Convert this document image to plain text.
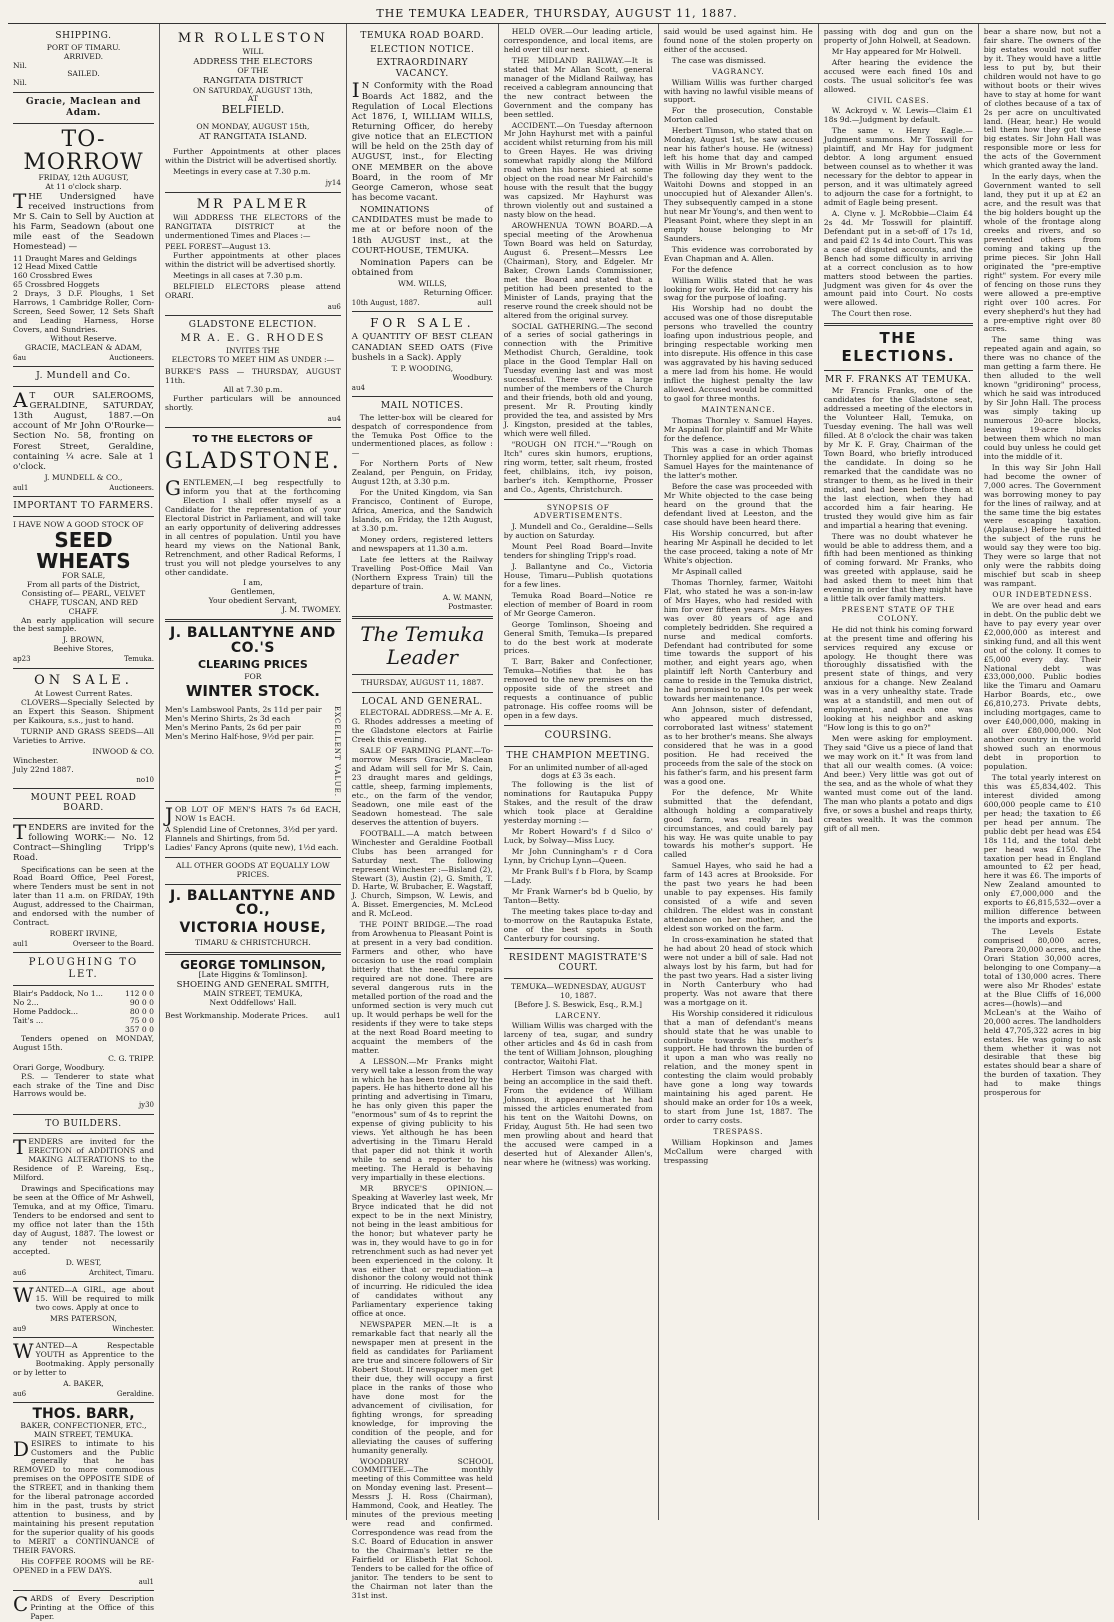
THE TEMUKA LEADER, THURSDAY, AUGUST 11, 1887.
SHIPPING.
PORT OF TIMARU.
ARRIVED.
Nil.
SAILED.
Nil.
Gracie, Maclean and Adam.
TO-MORROW
FRIDAY, 12th AUGUST,
At 11 o'clock sharp.

THE Undersigned have received instructions from Mr S. Cain to Sell by Auction at his Farm, Seadown (about one mile east of the Seadown Homestead) —

11 Draught Mares and Geldings
12 Head Mixed Cattle
160 Crossbred Ewes
65 Crossbred Hoggets
2 Drays, 3 D.F. Ploughs, 1 Set Harrows, 1 Cambridge Roller, Corn-Screen, Seed Sower, 12 Sets Shaft and Leading Harness, Horse Covers, and Sundries.
Without Reserve.
GRACIE, MACLEAN & ADAM,
6au	Auctioneers.
J. Mundell and Co.

AT OUR SALEROOMS, GERALDINE, SATURDAY, 13th August, 1887.—On account of Mr John O'Rourke—Section No. 58, fronting on Forest Street, Geraldine, containing ¼ acre. Sale at 1 o'clock.

J. MUNDELL & CO.,
aul1	Auctioneers.
IMPORTANT TO FARMERS.
I HAVE NOW A GOOD STOCK OF
SEED WHEATS
FOR SALE,
From all parts of the District, Consisting of— PEARL, VELVET CHAFF, TUSCAN, AND RED CHAFF.

An early application will secure the best sample.

J. BROWN,
Beehive Stores,
ap23	Temuka.
ON SALE.
At Lowest Current Rates.

CLOVERS—Specially Selected by an Expert this Season. Shipment per Kaikoura, s.s., just to hand.

TURNIP AND GRASS SEEDS—All Varieties to Arrive.

INWOOD & CO.
Winchester.
July 22nd 1887.
no10
MOUNT PEEL ROAD BOARD.

TENDERS are invited for the following WORK:— No. 12 Contract—Shingling Tripp's Road.

Specifications can be seen at the Road Board Office, Peel Forest, where Tenders must be sent in not later than 11 a.m. on FRIDAY, 19th August, addressed to the Chairman, and endorsed with the number of Contract.

ROBERT IRVINE,
aul1	Overseer to the Board.
PLOUGHING TO LET.
Blair's Paddock, No 1...	112 0 0
No 2...	90 0 0
Home Paddock...	80 0 0
Tait's ...	75 0 0
357 0 0

Tenders opened on MONDAY, August 15th.

C. G. TRIPP.
Orari Gorge, Woodbury.

P.S. — Tenderer to state what each strake of the Tine and Disc Harrows would be.

jy30
TO BUILDERS.

TENDERS are invited for the ERECTION of ADDITIONS and MAKING ALTERATIONS to the Residence of P. Wareing, Esq., Milford.

Drawings and Specifications may be seen at the Office of Mr Ashwell, Temuka, and at my Office, Timaru. Tenders to be endorsed and sent to my office not later than the 15th day of August, 1887. The lowest or any tender not necessarily accepted.

D. WEST,
au6	Architect, Timaru.

WANTED—A GIRL, age about 15. Will be required to milk two cows. Apply at once to

MRS PATERSON,
au9	Winchester.

WANTED—A Respectable YOUTH as Apprentice to the Bootmaking. Apply personally or by letter to

A. BAKER,
au6	Geraldine.
THOS. BARR,
BAKER, CONFECTIONER, ETC.,
MAIN STREET, TEMUKA.

DESIRES to intimate to his Customers and the Public generally that he has REMOVED to more commodious premises on the OPPOSITE SIDE of the STREET, and in thanking them for the liberal patronage accorded him in the past, trusts by strict attention to business, and by maintaining his present reputation for the superior quality of his goods to MERIT a CONTINUANCE of THEIR FAVORS.

His COFFEE ROOMS will be RE-OPENED in a FEW DAYS.

aul1

CARDS of Every Description Printing at the Office of this Paper.

MR ROLLESTON
WILL
ADDRESS THE ELECTORS
OF THE
RANGITATA DISTRICT
ON SATURDAY, AUGUST 13th,
AT
BELFIELD.
ON MONDAY, AUGUST 15th,
AT RANGITATA ISLAND.

Further Appointments at other places within the District will be advertised shortly.

Meetings in every case at 7.30 p.m.

jy14
MR PALMER

Will ADDRESS THE ELECTORS of the RANGITATA DISTRICT at the undermentioned Times and Places :—

PEEL FOREST—August 13.

Further appointments at other places within the district will be advertised shortly.

Meetings in all cases at 7.30 p.m.

BELFIELD ELECTORS please attend ORARI.

au6
GLADSTONE ELECTION.
MR A. E. G. RHODES
INVITES THE
ELECTORS TO MEET HIM AS UNDER :—
BURKE'S PASS — THURSDAY, AUGUST 11th.
All at 7.30 p.m.

Further particulars will be announced shortly.

au4
TO THE ELECTORS OF
GLADSTONE.

GENTLEMEN,—I beg respectfully to inform you that at the forthcoming Election I shall offer myself as a Candidate for the representation of your Electoral District in Parliament, and will take an early opportunity of delivering addresses in all centres of population. Until you have heard my views on the National Bank, Retrenchment, and other Radical Reforms, I trust you will not pledge yourselves to any other candidate.

I am,
Gentlemen,
Your obedient Servant,
J. M. TWOMEY.
J. BALLANTYNE AND CO.'S
CLEARING PRICES
FOR
WINTER STOCK.
Men's Lambswool Pants, 2s 11d per pair
Men's Merino Shirts, 2s 3d each
Men's Merino Pants, 2s 6d per pair
Men's Merino Half-hose, 9½d per pair.	EXCELLENT VALUE.

JOB LOT OF MEN'S HATS 7s 6d EACH, NOW 1s EACH.

A Splendid Line of Cretonnes, 3½d per yard.
Flannels and Shirtings, from 5d.
Ladies' Fancy Aprons (quite new), 1½d each.
ALL OTHER GOODS AT EQUALLY LOW PRICES.
J. BALLANTYNE AND CO.,
VICTORIA HOUSE,
TIMARU & CHRISTCHURCH.
GEORGE TOMLINSON,
[Late Higgins & Tomlinson].
SHOEING AND GENERAL SMITH,
MAIN STREET, TEMUKA,
Next Oddfellows' Hall.
Best Workmanship. Moderate Prices. aul1
TEMUKA ROAD BOARD.
ELECTION NOTICE.
EXTRAORDINARY VACANCY.

IN Conformity with the Road Boards Act 1882, and the Regulation of Local Elections Act 1876, I, WILLIAM WILLS, Returning Officer, do hereby give notice that an ELECTION will be held on the 25th day of AUGUST, inst., for Electing ONE MEMBER on the above Board, in the room of Mr George Cameron, whose seat has become vacant.

NOMINATIONS of CANDIDATES must be made to me at or before noon of the 18th AUGUST inst., at the COURT-HOUSE, TEMUKA.

Nomination Papers can be obtained from

WM. WILLS,
Returning Officer.
10th August, 1887.	aul1
FOR SALE.

A QUANTITY OF BEST CLEAN CANADIAN SEED OATS (Five bushels in a Sack). Apply

T. P. WOODING,
Woodbury.
au4
MAIL NOTICES.

The letter-box will be cleared for despatch of correspondence from the Temuka Post Office to the undermentioned places, as follow :—

For Northern Ports of New Zealand, per Penguin, on Friday, August 12th, at 3.30 p.m.

For the United Kingdom, via San Francisco, Continent of Europe, Africa, America, and the Sandwich Islands, on Friday, the 12th August, at 3.30 p.m.

Money orders, registered letters and newspapers at 11.30 a.m.

Late fee letters at the Railway Travelling Post-Office Mail Van (Northern Express Train) till the departure of train.

A. W. MANN,
Postmaster.
The Temuka Leader
THURSDAY, AUGUST 11, 1887.
LOCAL AND GENERAL.

ELECTORAL ADDRESS.—Mr A. E. G. Rhodes addresses a meeting of the Gladstone electors at Fairlie Creek this evening.

SALE OF FARMING PLANT.—To-morrow Messrs Gracie, Maclean and Adam will sell for Mr S. Cain, 23 draught mares and geldings, cattle, sheep, farming implements, etc., on the farm of the vendor, Seadown, one mile east of the Seadown homestead. The sale deserves the attention of buyers.

FOOTBALL.—A match between Winchester and Geraldine Football Clubs has been arranged for Saturday next. The following represent Winchester :—Bisland (2), Stewart (3), Austin (2), G. Smith, T. D. Harte, W. Brubacher, E. Wagstaff, J. Church, Simpson, W. Lewis, and A. Bisset. Emergencies, M. McLeod and R. McLeod.

THE POINT BRIDGE.—The road from Arowhenua to Pleasant Point is at present in a very bad condition. Farmers and other, who have occasion to use the road complain bitterly that the needful repairs required are not done. There are several dangerous ruts in the metalled portion of the road and the unformed section is very much cut up. It would perhaps be well for the residents if they were to take steps at the next Road Board meeting to acquaint the members of the matter.

A LESSON.—Mr Franks might very well take a lesson from the way in which he has been treated by the papers. He has hitherto done all his printing and advertising in Timaru, he has only given this paper the "enormous" sum of 4s to reprint the expense of giving publicity to his views. Yet although he has been advertising in the Timaru Herald that paper did not think it worth while to send a reporter to his meeting. The Herald is behaving very impartially in these elections.

MR BRYCE'S OPINION.—Speaking at Waverley last week, Mr Bryce indicated that he did not expect to be in the next Ministry, not being in the least ambitious for the honor; but whatever party he was in, they would have to go in for retrenchment such as had never yet been experienced in the colony. It was either that or repudiation—a dishonor the colony would not think of incurring. He ridiculed the idea of candidates without any Parliamentary experience taking office at once.

NEWSPAPER MEN.—It is a remarkable fact that nearly all the newspaper men at present in the field as candidates for Parliament are true and sincere followers of Sir Robert Stout. If newspaper men get their due, they will occupy a first place in the ranks of those who have done most for the advancement of civilisation, for fighting wrongs, for spreading knowledge, for improving the condition of the people, and for alleviating the causes of suffering humanity generally.

WOODBURY SCHOOL COMMITTEE.—The monthly meeting of this Committee was held on Monday evening last. Present—Messrs J. H. Ross (Chairman), Hammond, Cook, and Heatley. The minutes of the previous meeting were read and confirmed. Correspondence was read from the S.C. Board of Education in answer to the Chairman's letter re the Fairfield or Elisbeth Flat School. Tenders to be called for the office of janitor. The tenders to be sent to the Chairman not later than the 31st inst.

HELD OVER.—Our leading article, correspondence, and local items, are held over till our next.

THE MIDLAND RAILWAY.—It is stated that Mr Allan Scott, general manager of the Midland Railway, has received a cablegram announcing that the new contract between the Government and the company has been settled.

ACCIDENT.—On Tuesday afternoon Mr John Hayhurst met with a painful accident whilst returning from his mill to Green Hayes. He was driving somewhat rapidly along the Milford road when his horse shied at some object on the road near Mr Fairchild's house with the result that the buggy was capsized. Mr Hayhurst was thrown violently out and sustained a nasty blow on the head.

AROWHENUA TOWN BOARD.—A special meeting of the Arowhenua Town Board was held on Saturday, August 6. Present—Messrs Lee (Chairman), Story, and Edgeler. Mr Baker, Crown Lands Commissioner, met the Board and stated that a petition had been presented to the Minister of Lands, praying that the reserve round the creek should not be altered from the original survey.

SOCIAL GATHERING.—The second of a series of social gatherings in connection with the Primitive Methodist Church, Geraldine, took place in the Good Templar Hall on Tuesday evening last and was most successful. There were a large number of the members of the Church and their friends, both old and young, present. Mr R. Prouting kindly provided the tea, and assisted by Mrs J. Kingston, presided at the tables, which were well filled.

"ROUGH ON ITCH."—"Rough on Itch" cures skin humors, eruptions, ring worm, tetter, salt rheum, frosted feet, chilblains, itch, ivy poison, barber's itch. Kempthorne, Prosser and Co., Agents, Christchurch.

SYNOPSIS OF ADVERTISEMENTS.

J. Mundell and Co., Geraldine—Sells by auction on Saturday.

Mount Peel Road Board—Invite tenders for shingling Tripp's road.

J. Ballantyne and Co., Victoria House, Timaru—Publish quotations for a few lines.

Temuka Road Board—Notice re election of member of Board in room of Mr George Cameron.

George Tomlinson, Shoeing and General Smith, Temuka—Is prepared to do the best work at moderate prices.

T. Barr, Baker and Confectioner, Temuka—Notifies that he has removed to the new premises on the opposite side of the street and requests a continuance of public patronage. His coffee rooms will be open in a few days.

COURSING.
THE CHAMPION MEETING.
For an unlimited number of all-aged dogs at £3 3s each.

The following is the list of nominations for Rautapuka Puppy Stakes, and the result of the draw which took place at Geraldine yesterday morning :—

Mr Robert Howard's f d Silco o' Luck, by Solway—Miss Lucy.

Mr John Cunningham's r d Cora Lynn, by Crichup Lynn—Queen.

Mr Frank Bull's f b Flora, by Scamp—Lady.

Mr Frank Warner's bd b Quelio, by Tanton—Betty.

The meeting takes place to-day and to-morrow on the Rautapuka Estate, one of the best spots in South Canterbury for coursing.

RESIDENT MAGISTRATE'S COURT.
TEMUKA—WEDNESDAY, AUGUST 10, 1887.
[Before J. S. Beswick, Esq., R.M.]
LARCENY.

William Willis was charged with the larceny of tea, sugar, and sundry other articles and 4s 6d in cash from the tent of William Johnson, ploughing contractor, Waitohi Flat.

Herbert Timson was charged with being an accomplice in the said theft. From the evidence of William Johnson, it appeared that he had missed the articles enumerated from his tent on the Waitohi Downs, on Friday, August 5th. He had seen two men prowling about and heard that the accused were camped in a deserted hut of Alexander Allen's, near where he (witness) was working.

said would be used against him. He found none of the stolen property on either of the accused.

The case was dismissed.

VAGRANCY.

William Willis was further charged with having no lawful visible means of support.

For the prosecution, Constable Morton called

Herbert Timson, who stated that on Monday, August 1st, he saw accused near his father's house. He (witness) left his home that day and camped with Willis in Mr Brown's paddock. The following day they went to the Waitohi Downs and stopped in an unoccupied hut of Alexander Allen's. They subsequently camped in a stone hut near Mr Young's, and then went to Pleasant Point, where they slept in an empty house belonging to Mr Saunders.

This evidence was corroborated by Evan Chapman and A. Allen.

For the defence

William Willis stated that he was looking for work. He did not carry his swag for the purpose of loafing.

His Worship had no doubt the accused was one of those disreputable persons who travelled the country loafing upon industrious people, and bringing respectable working men into disrepute. His offence in this case was aggravated by his having seduced a mere lad from his home. He would inflict the highest penalty the law allowed. Accused would be committed to gaol for three months.

MAINTENANCE.

Thomas Thornley v. Samuel Hayes. Mr Aspinall for plaintiff and Mr White for the defence.

This was a case in which Thomas Thornley applied for an order against Samuel Hayes for the maintenance of the latter's mother.

Before the case was proceeded with Mr White objected to the case being heard on the ground that the defendant lived at Leeston, and the case should have been heard there.

His Worship concurred, but after hearing Mr Aspinall he decided to let the case proceed, taking a note of Mr White's objection.

Mr Aspinall called

Thomas Thornley, farmer, Waitohi Flat, who stated he was a son-in-law of Mrs Hayes, who had resided with him for over fifteen years. Mrs Hayes was over 80 years of age and completely bedridden. She required a nurse and medical comforts. Defendant had contributed for some time towards the support of his mother, and eight years ago, when plaintiff left North Canterbury and came to reside in the Temuka district, he had promised to pay 10s per week towards her maintenance.

Ann Johnson, sister of defendant, who appeared much distressed, corroborated last witness' statement as to her brother's means. She always considered that he was in a good position. He had received the proceeds from the sale of the stock on his father's farm, and his present farm was a good one.

For the defence, Mr White submitted that the defendant, although holding a comparatively good farm, was really in bad circumstances, and could barely pay his way. He was quite unable to pay towards his mother's support. He called

Samuel Hayes, who said he had a farm of 143 acres at Brookside. For the past two years he had been unable to pay expenses. His family consisted of a wife and seven children. The eldest was in constant attendance on her mother, and the eldest son worked on the farm.

In cross-examination he stated that he had about 20 head of stock which were not under a bill of sale. Had not always lost by his farm, but had for the past two years. Had a sister living in North Canterbury who had property. Was not aware that there was a mortgage on it.

His Worship considered it ridiculous that a man of defendant's means should state that he was unable to contribute towards his mother's support. He had thrown the burden of it upon a man who was really no relation, and the money spent in contesting the claim would probably have gone a long way towards maintaining his aged parent. He should make an order for 10s a week, to start from June 1st, 1887. The order to carry costs.

TRESPASS.

William Hopkinson and James McCallum were charged with trespassing

passing with dog and gun on the property of John Holwell, at Seadown.

Mr Hay appeared for Mr Holwell.

After hearing the evidence the accused were each fined 10s and costs. The usual solicitor's fee was allowed.

CIVIL CASES.

W. Ackroyd v. W. Lewis—Claim £1 18s 9d.—Judgment by default.

The same v. Henry Eagle.—Judgment summons. Mr Tosswill for plaintiff, and Mr Hay for judgment debtor. A long argument ensued between counsel as to whether it was necessary for the debtor to appear in person, and it was ultimately agreed to adjourn the case for a fortnight, to admit of Eagle being present.

A. Clyne v. J. McRobbie—Claim £4 2s 4d. Mr Tosswill for plaintiff. Defendant put in a set-off of 17s 1d, and paid £2 1s 4d into Court. This was a case of disputed accounts, and the Bench had some difficulty in arriving at a correct conclusion as to how matters stood between the parties. Judgment was given for 4s over the amount paid into Court. No costs were allowed.

The Court then rose.

THE ELECTIONS.
MR F. FRANKS AT TEMUKA.

Mr Francis Franks, one of the candidates for the Gladstone seat, addressed a meeting of the electors in the Volunteer Hall, Temuka, on Tuesday evening. The hall was well filled. At 8 o'clock the chair was taken by Mr K. F. Gray, Chairman of the Town Board, who briefly introduced the candidate. In doing so he remarked that the candidate was no stranger to them, as he lived in their midst, and had been before them at the last election, when they had accorded him a fair hearing. He trusted they would give him as fair and impartial a hearing that evening.

There was no doubt whatever he would be able to address them, and a fifth had been mentioned as thinking of coming forward. Mr Franks, who was greeted with applause, said he had asked them to meet him that evening in order that they might have a little talk over family matters.

PRESENT STATE OF THE COLONY.

He did not think his coming forward at the present time and offering his services required any excuse or apology. He thought there was thoroughly dissatisfied with the present state of things, and very anxious for a change. New Zealand was in a very unhealthy state. Trade was at a standstill, and men out of employment, and each one was looking at his neighbor and asking "How long is this to go on?"

Men were asking for employment. They said "Give us a piece of land that we may work on it." It was from land that all our wealth comes. (A voice: And beer.) Very little was got out of the sea, and as the whole of what they wanted must come out of the land. The man who plants a potato and digs five, or sows a bushel and reaps thirty, creates wealth. It was the common gift of all men.

bear a share now, but not a fair share. The owners of the big estates would not suffer by it. They would have a little less to put by, but their children would not have to go without boots or their wives have to stay at home for want of clothes because of a tax of 2s per acre on uncultivated land. (Hear, hear.) He would tell them how they got these big estates. Sir John Hall was responsible more or less for the acts of the Government which granted away the land.

In the early days, when the Government wanted to sell land, they put it up at £2 an acre, and the result was that the big holders bought up the whole of the frontage along creeks and rivers, and so prevented others from coming and taking up the prime pieces. Sir John Hall originated the "pre-emptive right" system. For every mile of fencing on those runs they were allowed a pre-emptive right over 100 acres. For every shepherd's hut they had a pre-emptive right over 80 acres.

The same thing was repeated again and again, so there was no chance of the man getting a farm there. He then alluded to the well known "gridironing" process, which he said was introduced by Sir John Hall. The process was simply taking up numerous 20-acre blocks, leaving 19-acre blocks between them which no man could buy unless he could get into the middle of it.

In this way Sir John Hall had become the owner of 7,000 acres. The Government was borrowing money to pay for the lines of railway, and at the same time the big estates were escaping taxation. (Applause.) Before he quitted the subject of the runs he would say they were too big. They were so large that not only were the rabbits doing mischief but scab in sheep was rampant.

OUR INDEBTEDNESS.

We are over head and ears in debt. On the public debt we have to pay every year over £2,000,000 as interest and sinking fund, and all this went out of the colony. It comes to £5,000 every day. Their National debt was £33,000,000. Public bodies like the Timaru and Oamaru Harbor Boards, etc., owe £6,810,273. Private debts, including mortgages, came to over £40,000,000, making in all over £80,000,000. Not another country in the world showed such an enormous debt in proportion to population.

The total yearly interest on this was £5,834,402. This interest divided among 600,000 people came to £10 per head; the taxation to £6 per head per annum. The public debt per head was £54 18s 11d, and the total debt per head was £150. The taxation per head in England amounted to £2 per head, here it was £6. The imports of New Zealand amounted to only £7,000,000 and the exports to £6,815,532—over a million difference between the imports and exports.

The Levels Estate comprised 80,000 acres, Pareora 20,000 acres, and the Orari Station 30,000 acres, belonging to one Company—a total of 130,000 acres. There were also Mr Rhodes' estate at the Blue Cliffs of 16,000 acres—(howls)—and McLean's at the Waiho of 20,000 acres. The landholders held 47,705,322 acres in big estates. He was going to ask them whether it was not desirable that these big estates should bear a share of the burden of taxation. They had to make things prosperous for
